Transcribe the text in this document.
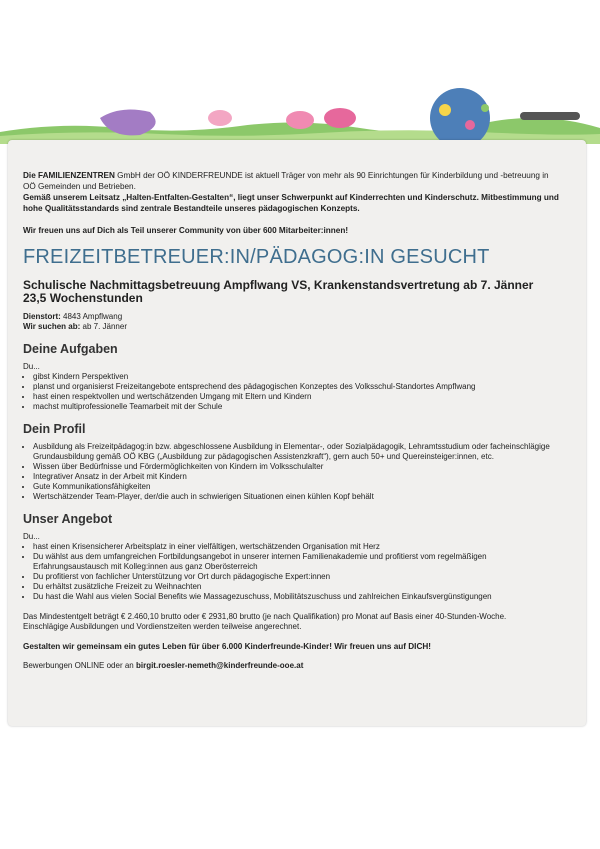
Die FAMILIENZENTREN GmbH der OÖ KINDERFREUNDE ist aktuell Träger von mehr als 90 Einrichtungen für Kinderbildung und -betreuung in OÖ Gemeinden und Betrieben.
Gemäß unserem Leitsatz „Halten-Entfalten-Gestalten“, liegt unser Schwerpunkt auf Kinderrechten und Kinderschutz. Mitbestimmung und hohe Qualitätsstandards sind zentrale Bestandteile unseres pädagogischen Konzepts.

Wir freuen uns auf Dich als Teil unserer Community von über 600 Mitarbeiter:innen!

FREIZEITBETREUER:IN/PÄDAGOG:IN GESUCHT

Schulische Nachmittagsbetreuung Ampflwang VS, Krankenstandsvertretung ab 7. Jänner
23,5 Wochenstunden

Dienstort: 4843 Ampflwang

Wir suchen ab: ab 7. Jänner

Deine Aufgaben

Du...

• gibst Kindern Perspektiven
• planst und organisierst Freizeitangebote entsprechend des pädagogischen Konzeptes des Volksschul-Standortes Ampflwang
• hast einen respektvollen und wertschätzenden Umgang mit Eltern und Kindern
• machst multiprofessionelle Teamarbeit mit der Schule
Dein Profil
• Ausbildung als Freizeitpädagog:in bzw. abgeschlossene Ausbildung in Elementar-, oder Sozialpädagogik, Lehramtsstudium oder facheinschlägige Grundausbildung gemäß OÖ KBG („Ausbildung zur pädagogischen Assistenzkraft“), gern auch 50+ und Quereinsteiger:innen, etc.
• Wissen über Bedürfnisse und Fördermöglichkeiten von Kindern im Volksschulalter
• Integrativer Ansatz in der Arbeit mit Kindern
• Gute Kommunikationsfähigkeiten
• Wertschätzender Team-Player, der/die auch in schwierigen Situationen einen kühlen Kopf behält
Unser Angebot

Du...

• hast einen Krisensicherer Arbeitsplatz in einer vielfältigen, wertschätzenden Organisation mit Herz
• Du wählst aus dem umfangreichen Fortbildungsangebot in unserer internen Familienakademie und profitierst vom regelmäßigen Erfahrungsaustausch mit Kolleg:innen aus ganz Oberösterreich
• Du profitierst von fachlicher Unterstützung vor Ort durch pädagogische Expert:innen
• Du erhältst zusätzliche Freizeit zu Weihnachten
• Du hast die Wahl aus vielen Social Benefits wie Massagezuschuss, Mobilitätszuschuss und zahlreichen Einkaufsvergünstigungen

Das Mindestentgelt beträgt € 2.460,10 brutto oder € 2931,80 brutto (je nach Qualifikation) pro Monat auf Basis einer 40-Stunden-Woche.
Einschlägige Ausbildungen und Vordienstzeiten werden teilweise angerechnet.

Gestalten wir gemeinsam ein gutes Leben für über 6.000 Kinderfreunde-Kinder! Wir freuen uns auf DICH!

Bewerbungen ONLINE oder an birgit.roesler-nemeth@kinderfreunde-ooe.at
